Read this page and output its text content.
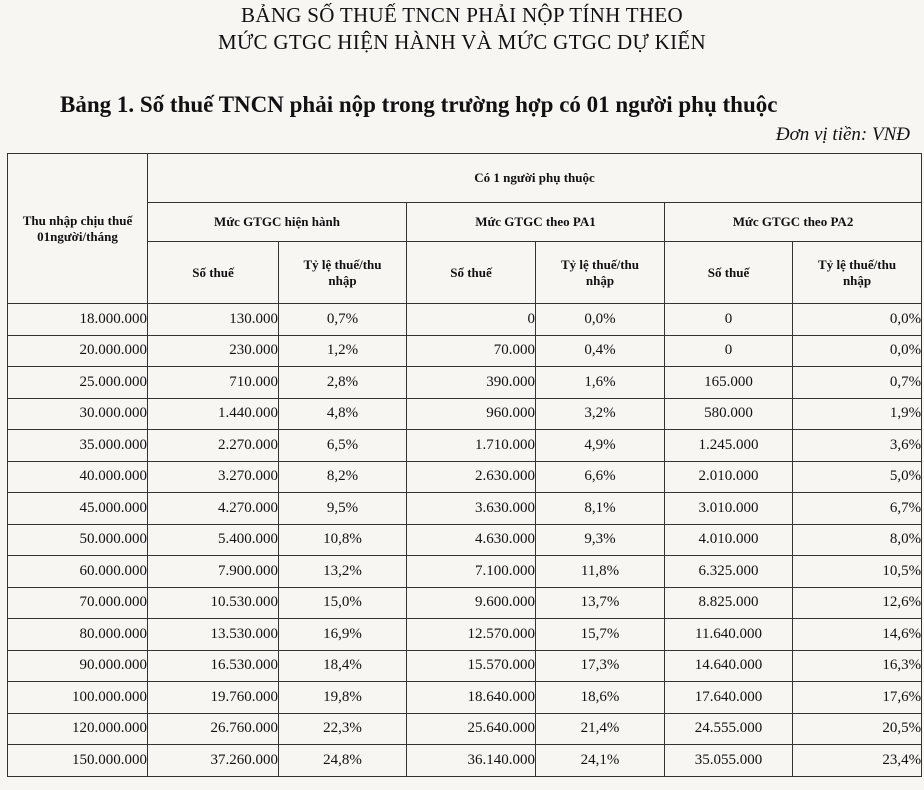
BẢNG SỐ THUẾ TNCN PHẢI NỘP TÍNH THEO
MỨC GTGC HIỆN HÀNH VÀ MỨC GTGC DỰ KIẾN
Bảng 1. Số thuế TNCN phải nộp trong trường hợp có 01 người phụ thuộc
Đơn vị tiền: VNĐ
Thu nhập chịu thuế 01người/tháng	Có 1 người phụ thuộc					
	Mức GTGC hiện hành		Mức GTGC theo PA1		Mức GTGC theo PA2	
	Số thuế	Tỷ lệ thuế/thu nhập	Số thuế	Tỷ lệ thuế/thu nhập	Số thuế	Tỷ lệ thuế/thu nhập
18.000.000	130.000	0,7%	0	0,0%	0	0,0%
20.000.000	230.000	1,2%	70.000	0,4%	0	0,0%
25.000.000	710.000	2,8%	390.000	1,6%	165.000	0,7%
30.000.000	1.440.000	4,8%	960.000	3,2%	580.000	1,9%
35.000.000	2.270.000	6,5%	1.710.000	4,9%	1.245.000	3,6%
40.000.000	3.270.000	8,2%	2.630.000	6,6%	2.010.000	5,0%
45.000.000	4.270.000	9,5%	3.630.000	8,1%	3.010.000	6,7%
50.000.000	5.400.000	10,8%	4.630.000	9,3%	4.010.000	8,0%
60.000.000	7.900.000	13,2%	7.100.000	11,8%	6.325.000	10,5%
70.000.000	10.530.000	15,0%	9.600.000	13,7%	8.825.000	12,6%
80.000.000	13.530.000	16,9%	12.570.000	15,7%	11.640.000	14,6%
90.000.000	16.530.000	18,4%	15.570.000	17,3%	14.640.000	16,3%
100.000.000	19.760.000	19,8%	18.640.000	18,6%	17.640.000	17,6%
120.000.000	26.760.000	22,3%	25.640.000	21,4%	24.555.000	20,5%
150.000.000	37.260.000	24,8%	36.140.000	24,1%	35.055.000	23,4%
